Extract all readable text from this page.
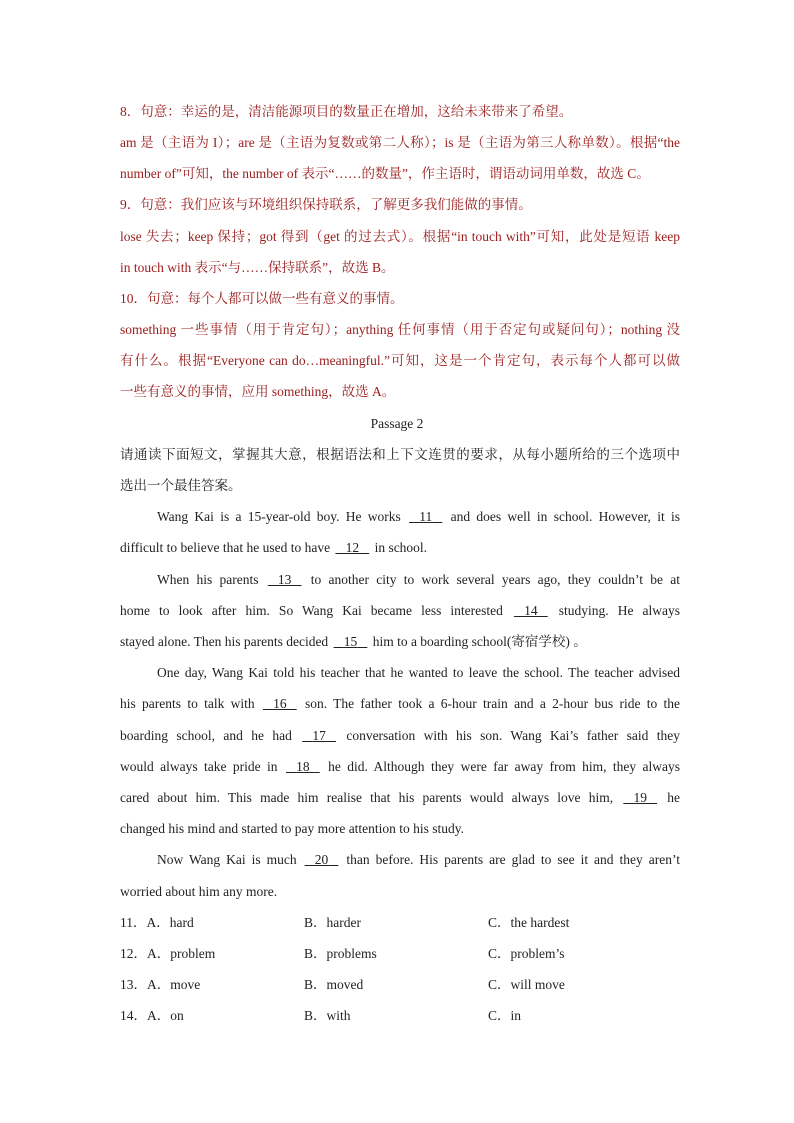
8．句意：幸运的是，清洁能源项目的数量正在增加，这给未来带来了希望。
am 是（主语为 I）；are 是（主语为复数或第二人称）；is 是（主语为第三人称单数）。根据“the
number of”可知，the number of 表示“……的数量”，作主语时，谓语动词用单数，故选 C。
9．句意：我们应该与环境组织保持联系，了解更多我们能做的事情。
lose 失去；keep 保持；got 得到（get 的过去式）。根据“in touch with”可知，此处是短语 keep
in touch with 表示“与……保持联系”，故选 B。
10．句意：每个人都可以做一些有意义的事情。
something 一些事情（用于肯定句）；anything 任何事情（用于否定句或疑问句）；nothing 没
有什么。根据“Everyone can do…meaningful.”可知，这是一个肯定句，表示每个人都可以做
一些有意义的事情，应用 something，故选 A。
Passage 2
请通读下面短文，掌握其大意，根据语法和上下文连贯的要求，从每小题所给的三个选项中
选出一个最佳答案。
Wang Kai is a 15-year-old boy. He works 11 and does well in school. However, it is
difficult to believe that he used to have 12 in school.
When his parents 13 to another city to work several years ago, they couldn’t be at
home to look after him. So Wang Kai became less interested 14 studying. He always
stayed alone. Then his parents decided 15 him to a boarding school(寄宿学校) 。
One day, Wang Kai told his teacher that he wanted to leave the school. The teacher advised
his parents to talk with 16 son. The father took a 6-hour train and a 2-hour bus ride to the
boarding school, and he had 17 conversation with his son. Wang Kai’s father said they
would always take pride in 18 he did. Although they were far away from him, they always
cared about him. This made him realise that his parents would always love him, 19 he
changed his mind and started to pay more attention to his study.
Now Wang Kai is much 20 than before. His parents are glad to see it and they aren’t
worried about him any more.
11．A．hard	B．harder	C．the hardest
12．A．problem	B．problems	C．problem’s
13．A．move	B．moved	C．will move
14．A．on	B．with	C．in
